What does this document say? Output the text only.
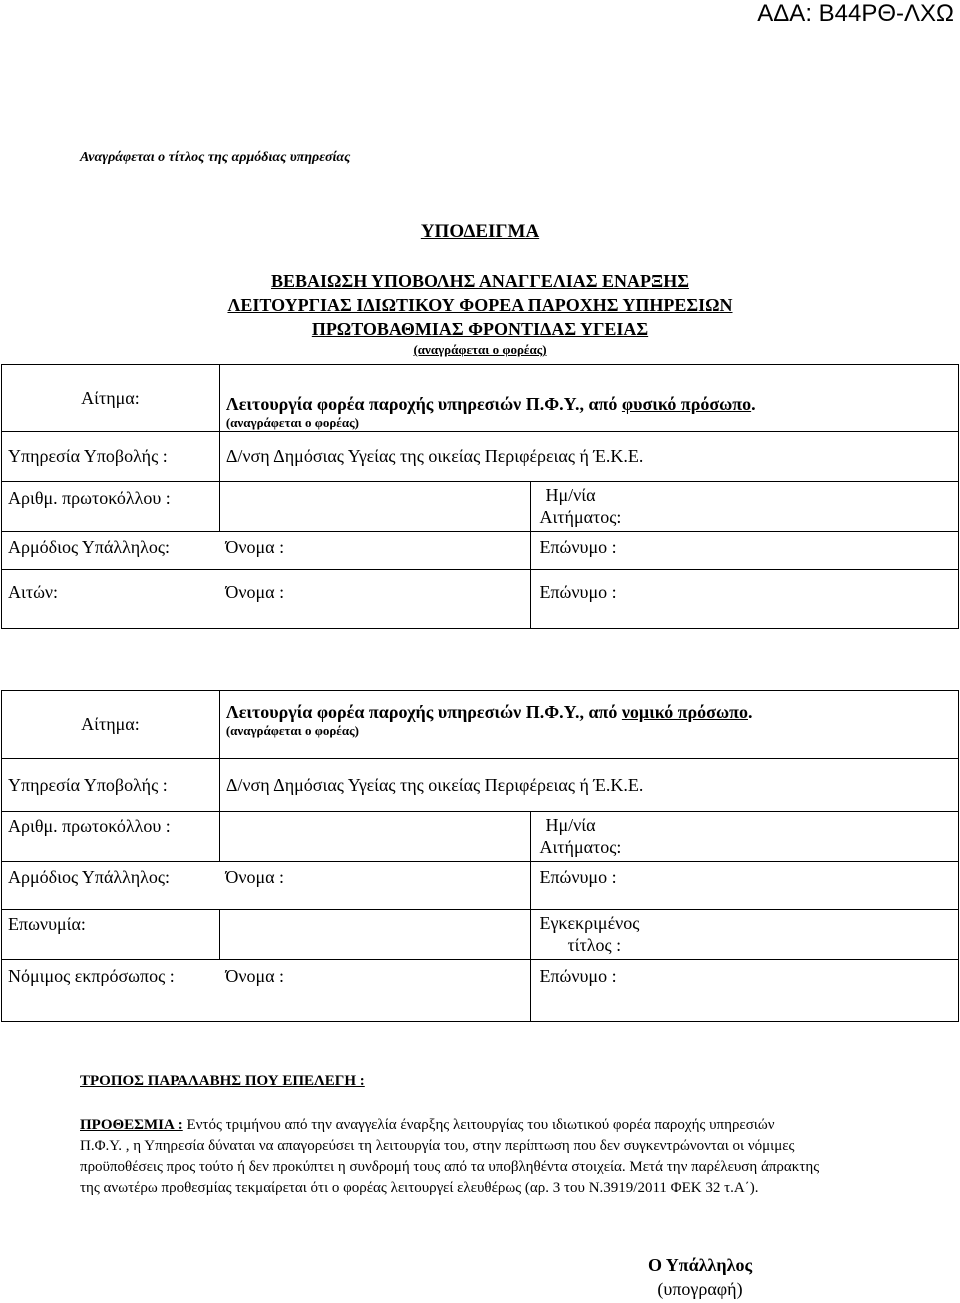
ΑΔΑ: Β44ΡΘ-ΛΧΩ
Αναγράφεται ο τίτλος της αρμόδιας υπηρεσίας
ΥΠΟΔΕΙΓΜΑ
ΒΕΒΑΙΩΣΗ ΥΠΟΒΟΛΗΣ ΑΝΑΓΓΕΛΙΑΣ ΕΝΑΡΞΗΣ
ΛΕΙΤΟΥΡΓΙΑΣ ΙΔΙΩΤΙΚΟΥ ΦΟΡΕΑ ΠΑΡΟΧΗΣ ΥΠΗΡΕΣΙΩΝ
ΠΡΩΤΟΒΑΘΜΙΑΣ ΦΡΟΝΤΙΔΑΣ ΥΓΕΙΑΣ
(αναγράφεται ο φορέας)
Αίτημα:	Λειτουργία φορέα παροχής υπηρεσιών Π.Φ.Υ., από φυσικό πρόσωπο.
(αναγράφεται ο φορέας)	

Υπηρεσία Υποβολής :	Δ/νση Δημόσιας Υγείας της οικείας Περιφέρειας ή Έ.Κ.Ε.	
Αριθμ. πρωτοκόλλου :		Ημ/νία
Αιτήματος:

Αρμόδιος Υπάλληλος:	Όνομα :	Επώνυμο :
Αιτών:	Όνομα :	Επώνυμο :
Αίτημα:	Λειτουργία φορέα παροχής υπηρεσιών Π.Φ.Υ., από νομικό πρόσωπο.
(αναγράφεται ο φορέας)	

Υπηρεσία Υποβολής :	Δ/νση Δημόσιας Υγείας της οικείας Περιφέρειας ή Έ.Κ.Ε.	
Αριθμ. πρωτοκόλλου :		Ημ/νία
Αιτήματος:

Αρμόδιος Υπάλληλος:	Όνομα :	Επώνυμο :
Επωνυμία:		Εγκεκριμένος
τίτλος :

Νόμιμος εκπρόσωπος :	Όνομα :	Επώνυμο :
ΤΡΟΠΟΣ ΠΑΡΑΛΑΒΗΣ ΠΟΥ ΕΠΕΛΕΓΗ :
ΠΡΟΘΕΣΜΙΑ : Εντός τριμήνου από την αναγγελία έναρξης λειτουργίας του ιδιωτικού φορέα παροχής υπηρεσιών Π.Φ.Υ. , η Υπηρεσία δύναται να απαγορεύσει τη λειτουργία του, στην περίπτωση που δεν συγκεντρώνονται οι νόμιμες προϋποθέσεις προς τούτο ή δεν προκύπτει η συνδρομή τους από τα υποβληθέντα στοιχεία. Μετά την παρέλευση άπρακτης της ανωτέρω προθεσμίας τεκμαίρεται ότι ο φορέας λειτουργεί ελευθέρως (αρ. 3 του Ν.3919/2011 ΦΕΚ 32 τ.Α΄).
Ο Υπάλληλος
(υπογραφή)
